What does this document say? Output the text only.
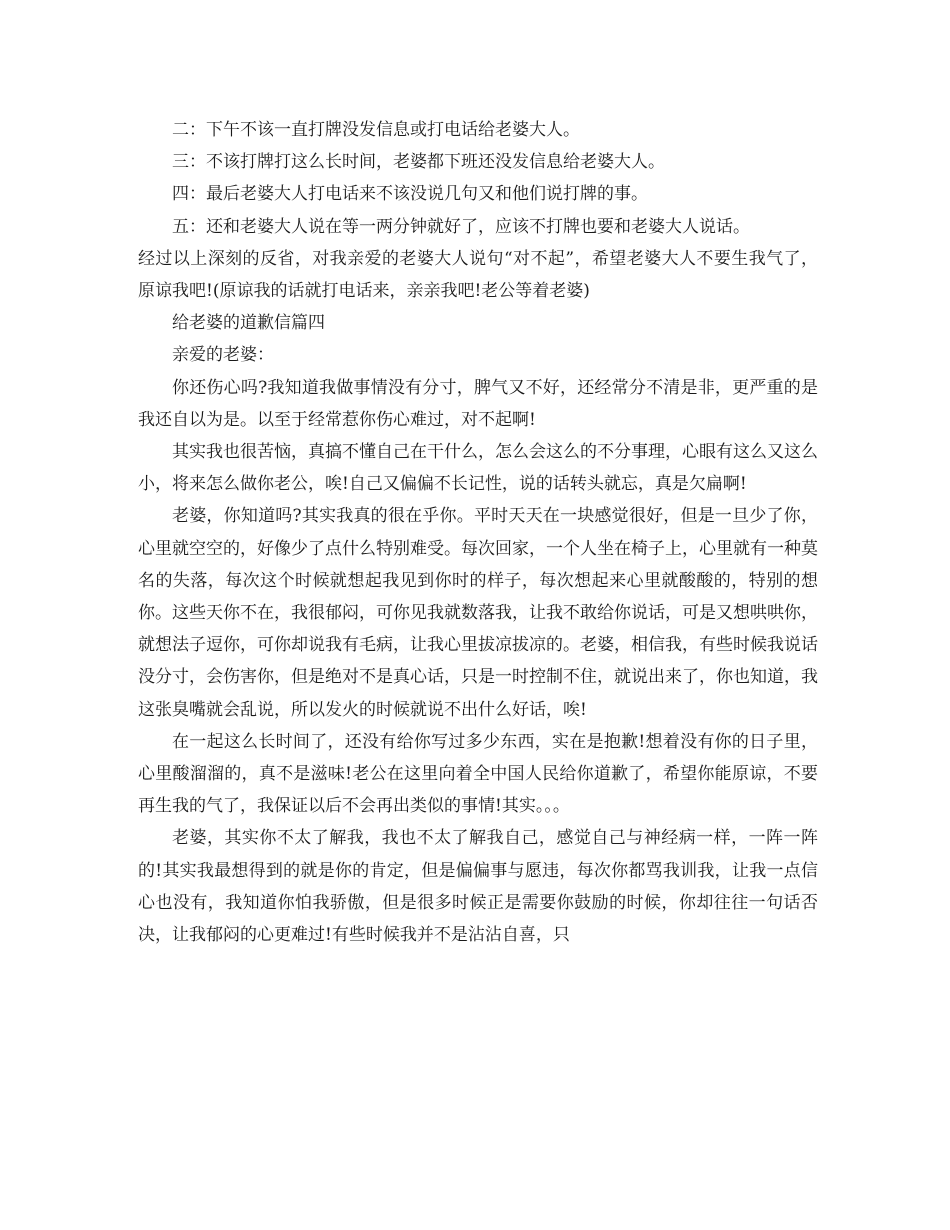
二：下午不该一直打牌没发信息或打电话给老婆大人。

三：不该打牌打这么长时间，老婆都下班还没发信息给老婆大人。

四：最后老婆大人打电话来不该没说几句又和他们说打牌的事。

五：还和老婆大人说在等一两分钟就好了，应该不打牌也要和老婆大人说话。

经过以上深刻的反省，对我亲爱的老婆大人说句“对不起”，希望老婆大人不要生我气了，原谅我吧!(原谅我的话就打电话来，亲亲我吧!老公等着老婆)

给老婆的道歉信篇四

亲爱的老婆：

你还伤心吗?我知道我做事情没有分寸，脾气又不好，还经常分不清是非，更严重的是我还自以为是。以至于经常惹你伤心难过，对不起啊!

其实我也很苦恼，真搞不懂自己在干什么，怎么会这么的不分事理，心眼有这么又这么小，将来怎么做你老公，唉!自己又偏偏不长记性，说的话转头就忘，真是欠扁啊!

老婆，你知道吗?其实我真的很在乎你。平时天天在一块感觉很好，但是一旦少了你，心里就空空的，好像少了点什么特别难受。每次回家，一个人坐在椅子上，心里就有一种莫名的失落，每次这个时候就想起我见到你时的样子，每次想起来心里就酸酸的，特别的想你。这些天你不在，我很郁闷，可你见我就数落我，让我不敢给你说话，可是又想哄哄你，就想法子逗你，可你却说我有毛病，让我心里拔凉拔凉的。老婆，相信我，有些时候我说话没分寸，会伤害你，但是绝对不是真心话，只是一时控制不住，就说出来了，你也知道，我这张臭嘴就会乱说，所以发火的时候就说不出什么好话，唉!

在一起这么长时间了，还没有给你写过多少东西，实在是抱歉!想着没有你的日子里，心里酸溜溜的，真不是滋味!老公在这里向着全中国人民给你道歉了，希望你能原谅，不要再生我的气了，我保证以后不会再出类似的事情!其实。。。

老婆，其实你不太了解我，我也不太了解我自己，感觉自己与神经病一样，一阵一阵的!其实我最想得到的就是你的肯定，但是偏偏事与愿违，每次你都骂我训我，让我一点信心也没有，我知道你怕我骄傲，但是很多时候正是需要你鼓励的时候，你却往往一句话否决，让我郁闷的心更难过!有些时候我并不是沾沾自喜，只
